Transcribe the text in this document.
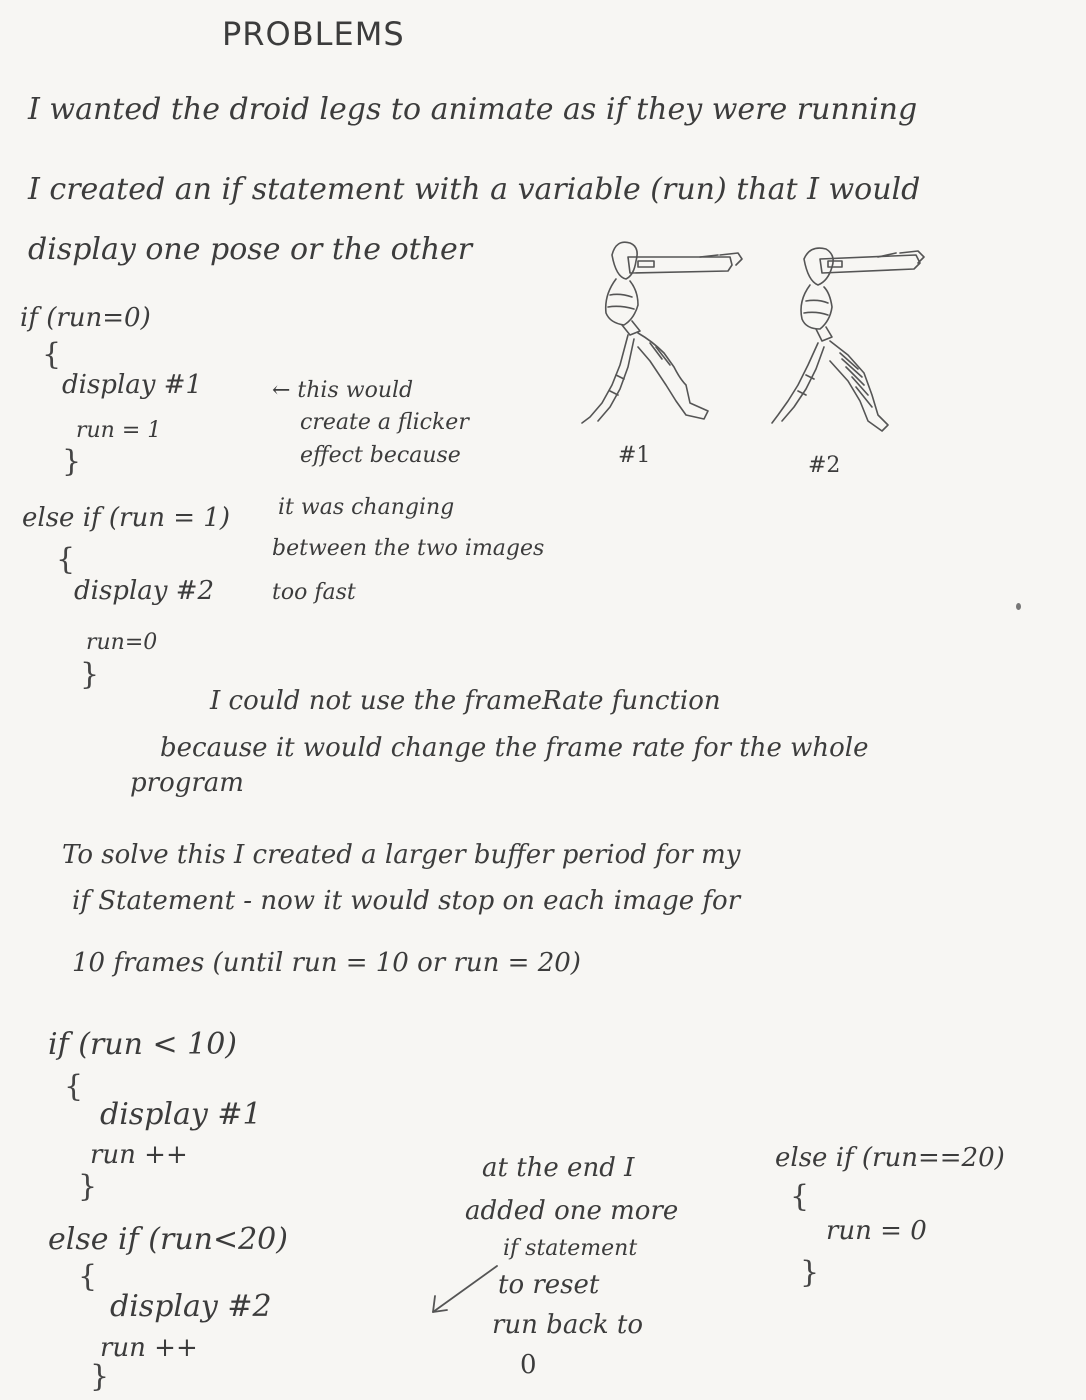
PROBLEMS
I wanted the droid legs to animate as if they were running
I created an if statement with a variable (run) that I would
display one pose or the other
if (run=0)
{
display #1
run = 1
}
else if (run = 1)
{
display #2
run=0
}
← this would
create a flicker
effect because
it was changing
between the two images
too fast
#1	#2
I could not use the frameRate function
because it would change the frame rate for the whole
program
To solve this I created a larger buffer period for my
if Statement - now it would stop on each image for
10 frames (until run = 10 or run = 20)
if (run < 10)
{
display #1
run ++
}
else if (run<20)
{
display #2
run ++
}
at the end I
added one more
if statement
to reset
run back to
0
else if (run==20)
{
run = 0
}
